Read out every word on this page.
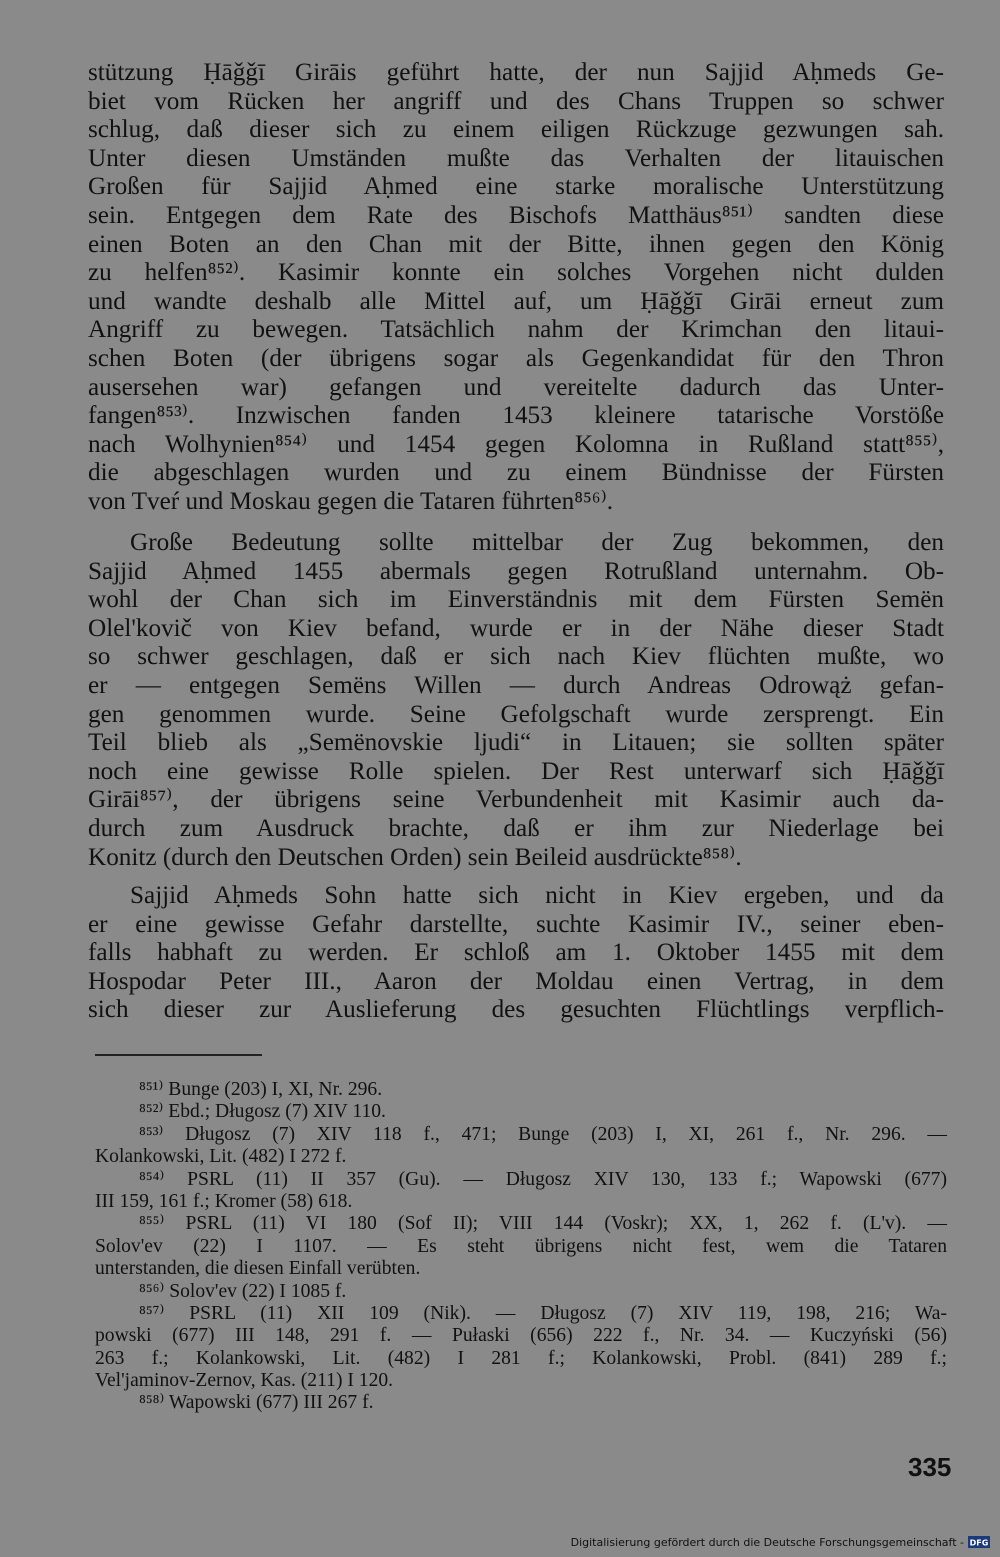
stützung Ḥāǧǧī Girāis geführt hatte, der nun Sajjid Aḥmeds Ge-
biet vom Rücken her angriff und des Chans Truppen so schwer
schlug, daß dieser sich zu einem eiligen Rückzuge gezwungen sah.
Unter diesen Umständen mußte das Verhalten der litauischen
Großen für Sajjid Aḥmed eine starke moralische Unterstützung
sein. Entgegen dem Rate des Bischofs Matthäus⁸⁵¹⁾ sandten diese
einen Boten an den Chan mit der Bitte, ihnen gegen den König
zu helfen⁸⁵²⁾. Kasimir konnte ein solches Vorgehen nicht dulden
und wandte deshalb alle Mittel auf, um Ḥāǧǧī Girāi erneut zum
Angriff zu bewegen. Tatsächlich nahm der Krimchan den litaui-
schen Boten (der übrigens sogar als Gegenkandidat für den Thron
ausersehen war) gefangen und vereitelte dadurch das Unter-
fangen⁸⁵³⁾. Inzwischen fanden 1453 kleinere tatarische Vorstöße
nach Wolhynien⁸⁵⁴⁾ und 1454 gegen Kolomna in Rußland statt⁸⁵⁵⁾,
die abgeschlagen wurden und zu einem Bündnisse der Fürsten
von Tveŕ und Moskau gegen die Tataren führten⁸⁵⁶⁾.
Große Bedeutung sollte mittelbar der Zug bekommen, den
Sajjid Aḥmed 1455 abermals gegen Rotrußland unternahm. Ob-
wohl der Chan sich im Einverständnis mit dem Fürsten Semën
Olel'kovič von Kiev befand, wurde er in der Nähe dieser Stadt
so schwer geschlagen, daß er sich nach Kiev flüchten mußte, wo
er — entgegen Semëns Willen — durch Andreas Odrowąż gefan-
gen genommen wurde. Seine Gefolgschaft wurde zersprengt. Ein
Teil blieb als „Semënovskie ljudi“ in Litauen; sie sollten später
noch eine gewisse Rolle spielen. Der Rest unterwarf sich Ḥāǧǧī
Girāi⁸⁵⁷⁾, der übrigens seine Verbundenheit mit Kasimir auch da-
durch zum Ausdruck brachte, daß er ihm zur Niederlage bei
Konitz (durch den Deutschen Orden) sein Beileid ausdrückte⁸⁵⁸⁾.
Sajjid Aḥmeds Sohn hatte sich nicht in Kiev ergeben, und da
er eine gewisse Gefahr darstellte, suchte Kasimir IV., seiner eben-
falls habhaft zu werden. Er schloß am 1. Oktober 1455 mit dem
Hospodar Peter III., Aaron der Moldau einen Vertrag, in dem
sich dieser zur Auslieferung des gesuchten Flüchtlings verpflich-
⁸⁵¹⁾ Bunge (203) I, XI, Nr. 296.
⁸⁵²⁾ Ebd.; Długosz (7) XIV 110.
⁸⁵³⁾ Długosz (7) XIV 118 f., 471; Bunge (203) I, XI, 261 f., Nr. 296. —
Kolankowski, Lit. (482) I 272 f.
⁸⁵⁴⁾ PSRL (11) II 357 (Gu). — Długosz XIV 130, 133 f.; Wapowski (677)
III 159, 161 f.; Kromer (58) 618.
⁸⁵⁵⁾ PSRL (11) VI 180 (Sof II); VIII 144 (Voskr); XX, 1, 262 f. (L'v). —
Solov'ev (22) I 1107. — Es steht übrigens nicht fest, wem die Tataren
unterstanden, die diesen Einfall verübten.
⁸⁵⁶⁾ Solov'ev (22) I 1085 f.
⁸⁵⁷⁾ PSRL (11) XII 109 (Nik). — Długosz (7) XIV 119, 198, 216; Wa-
powski (677) III 148, 291 f. — Pułaski (656) 222 f., Nr. 34. — Kuczyński (56)
263 f.; Kolankowski, Lit. (482) I 281 f.; Kolankowski, Probl. (841) 289 f.;
Vel'jaminov-Zernov, Kas. (211) I 120.
⁸⁵⁸⁾ Wapowski (677) III 267 f.
335
Digitalisierung gefördert durch die Deutsche Forschungsgemeinschaft - DFG
